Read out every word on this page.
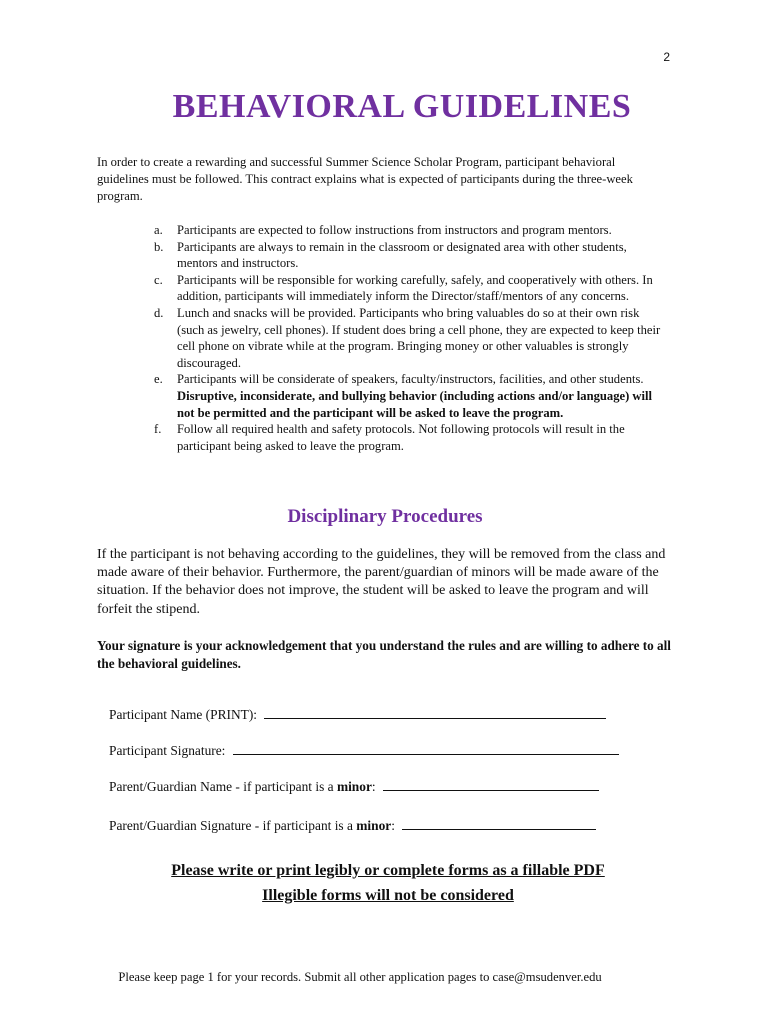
2
BEHAVIORAL GUIDELINES
In order to create a rewarding and successful Summer Science Scholar Program, participant behavioral guidelines must be followed. This contract explains what is expected of participants during the three-week program.
a. Participants are expected to follow instructions from instructors and program mentors.
b. Participants are always to remain in the classroom or designated area with other students, mentors and instructors.
c. Participants will be responsible for working carefully, safely, and cooperatively with others. In addition, participants will immediately inform the Director/staff/mentors of any concerns.
d. Lunch and snacks will be provided. Participants who bring valuables do so at their own risk (such as jewelry, cell phones). If student does bring a cell phone, they are expected to keep their cell phone on vibrate while at the program. Bringing money or other valuables is strongly discouraged.
e. Participants will be considerate of speakers, faculty/instructors, facilities, and other students. Disruptive, inconsiderate, and bullying behavior (including actions and/or language) will not be permitted and the participant will be asked to leave the program.
f. Follow all required health and safety protocols. Not following protocols will result in the participant being asked to leave the program.
Disciplinary Procedures
If the participant is not behaving according to the guidelines, they will be removed from the class and made aware of their behavior. Furthermore, the parent/guardian of minors will be made aware of the situation. If the behavior does not improve, the student will be asked to leave the program and will forfeit the stipend.
Your signature is your acknowledgement that you understand the rules and are willing to adhere to all the behavioral guidelines.
Participant Name (PRINT):
Participant Signature:
Parent/Guardian Name - if participant is a minor:
Parent/Guardian Signature - if participant is a minor:
Please write or print legibly or complete forms as a fillable PDF
Illegible forms will not be considered
Please keep page 1 for your records. Submit all other application pages to case@msudenver.edu
